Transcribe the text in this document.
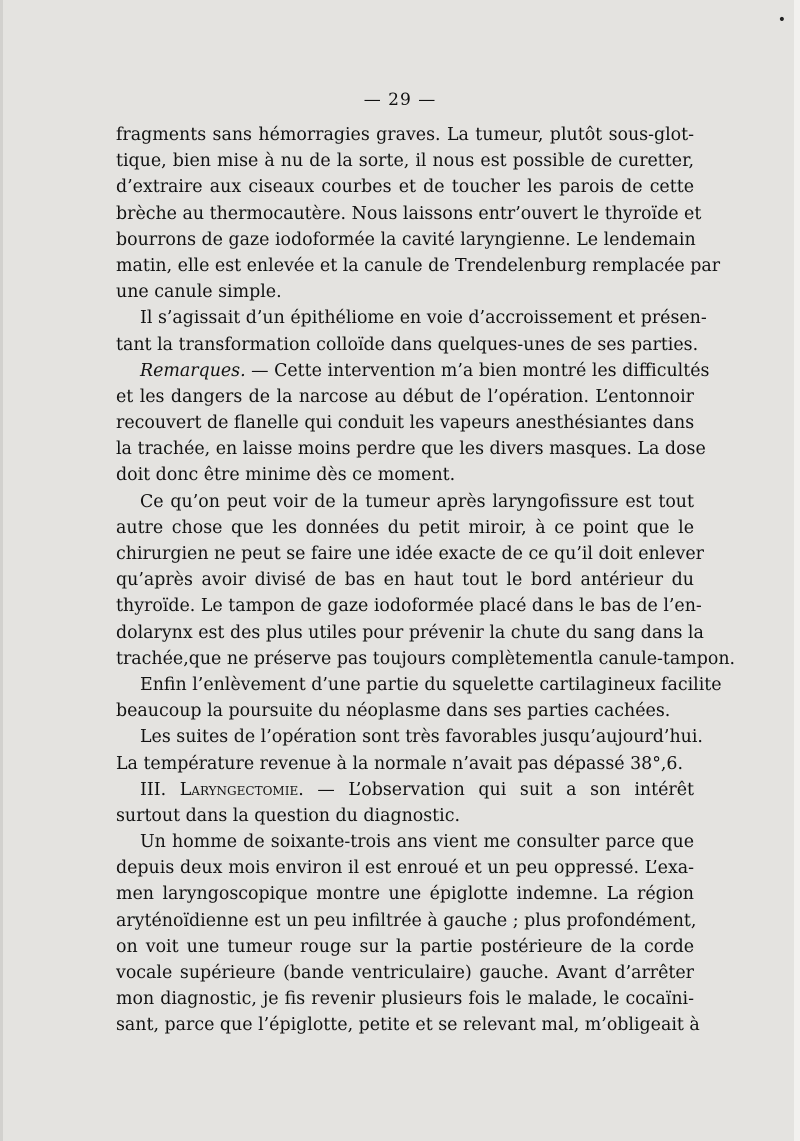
•
— 29 —
fragments sans hémorragies graves. La tumeur, plutôt sous-glot-
tique, bien mise à nu de la sorte, il nous est possible de curetter,
d’extraire aux ciseaux courbes et de toucher les parois de cette
brèche au thermocautère. Nous laissons entr’ouvert le thyroïde et
bourrons de gaze iodoformée la cavité laryngienne. Le lendemain
matin, elle est enlevée et la canule de Trendelenburg remplacée par
une canule simple.
Il s’agissait d’un épithéliome en voie d’accroissement et présen-
tant la transformation colloïde dans quelques-unes de ses parties.
Remarques. — Cette intervention m’a bien montré les difficultés
et les dangers de la narcose au début de l’opération. L’entonnoir
recouvert de flanelle qui conduit les vapeurs anesthésiantes dans
la trachée, en laisse moins perdre que les divers masques. La dose
doit donc être minime dès ce moment.
Ce qu’on peut voir de la tumeur après laryngofissure est tout
autre chose que les données du petit miroir, à ce point que le
chirurgien ne peut se faire une idée exacte de ce qu’il doit enlever
qu’après avoir divisé de bas en haut tout le bord antérieur du
thyroïde. Le tampon de gaze iodoformée placé dans le bas de l’en-
dolarynx est des plus utiles pour prévenir la chute du sang dans la
trachée,que ne préserve pas toujours complètementla canule-tampon.
Enfin l’enlèvement d’une partie du squelette cartilagineux facilite
beaucoup la poursuite du néoplasme dans ses parties cachées.
Les suites de l’opération sont très favorables jusqu’aujourd’hui.
La température revenue à la normale n’avait pas dépassé 38°,6.
III. Laryngectomie. — L’observation qui suit a son intérêt
surtout dans la question du diagnostic.
Un homme de soixante-trois ans vient me consulter parce que
depuis deux mois environ il est enroué et un peu oppressé. L’exa-
men laryngoscopique montre une épiglotte indemne. La région
aryténoïdienne est un peu infiltrée à gauche ; plus profondément,
on voit une tumeur rouge sur la partie postérieure de la corde
vocale supérieure (bande ventriculaire) gauche. Avant d’arrêter
mon diagnostic, je fis revenir plusieurs fois le malade, le cocaïni-
sant, parce que l’épiglotte, petite et se relevant mal, m’obligeait à
